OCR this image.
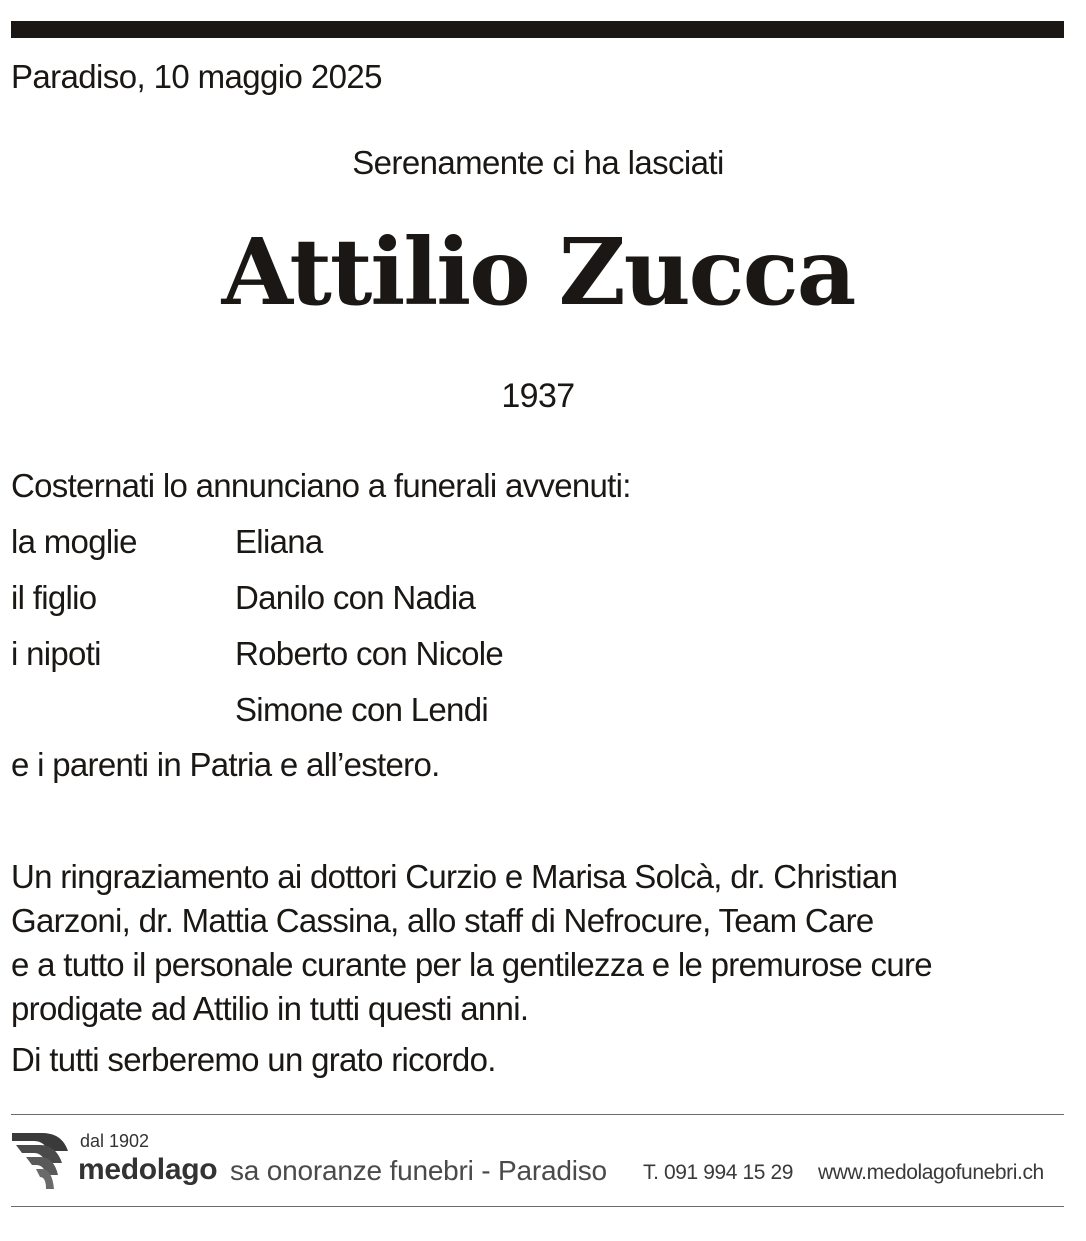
Paradiso, 10 maggio 2025
Serenamente ci ha lasciati
Attilio Zucca
1937
Costernati lo annunciano a funerali avvenuti:
la moglie	Eliana
il figlio	Danilo con Nadia
i nipoti	Roberto con Nicole
Simone con Lendi
e i parenti in Patria e all’estero.
Un ringraziamento ai dottori Curzio e Marisa Solcà, dr. Christian
Garzoni, dr. Mattia Cassina, allo staff di Nefrocure, Team Care
e a tutto il personale curante per la gentilezza e le premurose cure
prodigate ad Attilio in tutti questi anni.
Di tutti serberemo un grato ricordo.
dal 1902
medolago sa onoranze funebri - Paradiso T. 091 994 15 29 www.medolagofunebri.ch
